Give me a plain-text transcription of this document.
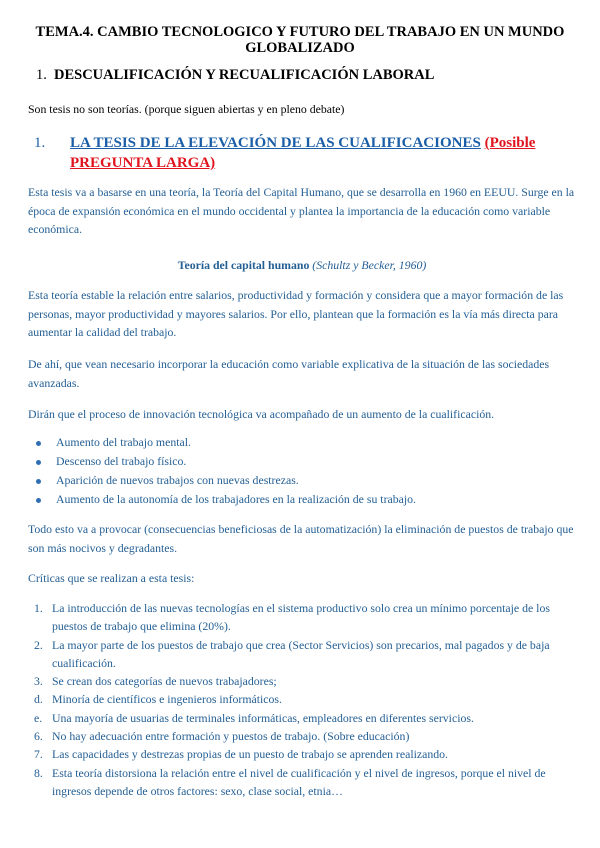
TEMA.4. CAMBIO TECNOLOGICO Y FUTURO DEL TRABAJO EN UN MUNDO GLOBALIZADO
1. DESCUALIFICACIÓN Y RECUALIFICACIÓN LABORAL
Son tesis no son teorías. (porque siguen abiertas y en pleno debate)
1. LA TESIS DE LA ELEVACIÓN DE LAS CUALIFICACIONES (Posible PREGUNTA LARGA)
Esta tesis va a basarse en una teoría, la Teoría del Capital Humano, que se desarrolla en 1960 en EEUU. Surge en la época de expansión económica en el mundo occidental y plantea la importancia de la educación como variable económica.
Teoría del capital humano (Schultz y Becker, 1960)
Esta teoría estable la relación entre salarios, productividad y formación y considera que a mayor formación de las personas, mayor productividad y mayores salarios. Por ello, plantean que la formación es la vía más directa para aumentar la calidad del trabajo.
De ahí, que vean necesario incorporar la educación como variable explicativa de la situación de las sociedades avanzadas.
Dirán que el proceso de innovación tecnológica va acompañado de un aumento de la cualificación.
Aumento del trabajo mental.
Descenso del trabajo físico.
Aparición de nuevos trabajos con nuevas destrezas.
Aumento de la autonomía de los trabajadores en la realización de su trabajo.
Todo esto va a provocar (consecuencias beneficiosas de la automatización) la eliminación de puestos de trabajo que son más nocivos y degradantes.
Críticas que se realizan a esta tesis:
1. La introducción de las nuevas tecnologías en el sistema productivo solo crea un mínimo porcentaje de los puestos de trabajo que elimina (20%).
2. La mayor parte de los puestos de trabajo que crea (Sector Servicios) son precarios, mal pagados y de baja cualificación.
3. Se crean dos categorías de nuevos trabajadores;
d. Minoría de científicos e ingenieros informáticos.
e. Una mayoría de usuarias de terminales informáticas, empleadores en diferentes servicios.
6. No hay adecuación entre formación y puestos de trabajo. (Sobre educación)
7. Las capacidades y destrezas propias de un puesto de trabajo se aprenden realizando.
8. Esta teoría distorsiona la relación entre el nivel de cualificación y el nivel de ingresos, porque el nivel de ingresos depende de otros factores: sexo, clase social, etnia…
